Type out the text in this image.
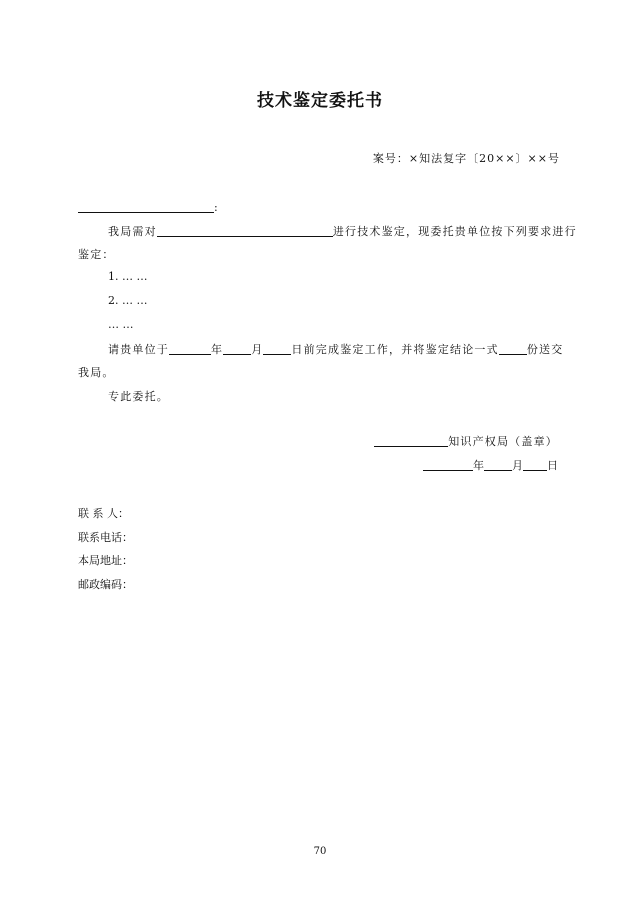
技术鉴定委托书
案号：×知法复字〔20××〕××号
:
我局需对	进行技术鉴定，现委托贵单位按下列要求进行
鉴定：
1. … …
2. … …
… …
请贵单位于	年	月	日前完成鉴定工作，并将鉴定结论一式	份送交
我局。
专此委托。
知识产权局（盖章）
年	月 日
联 系 人：
联系电话：
本局地址：
邮政编码：
70
